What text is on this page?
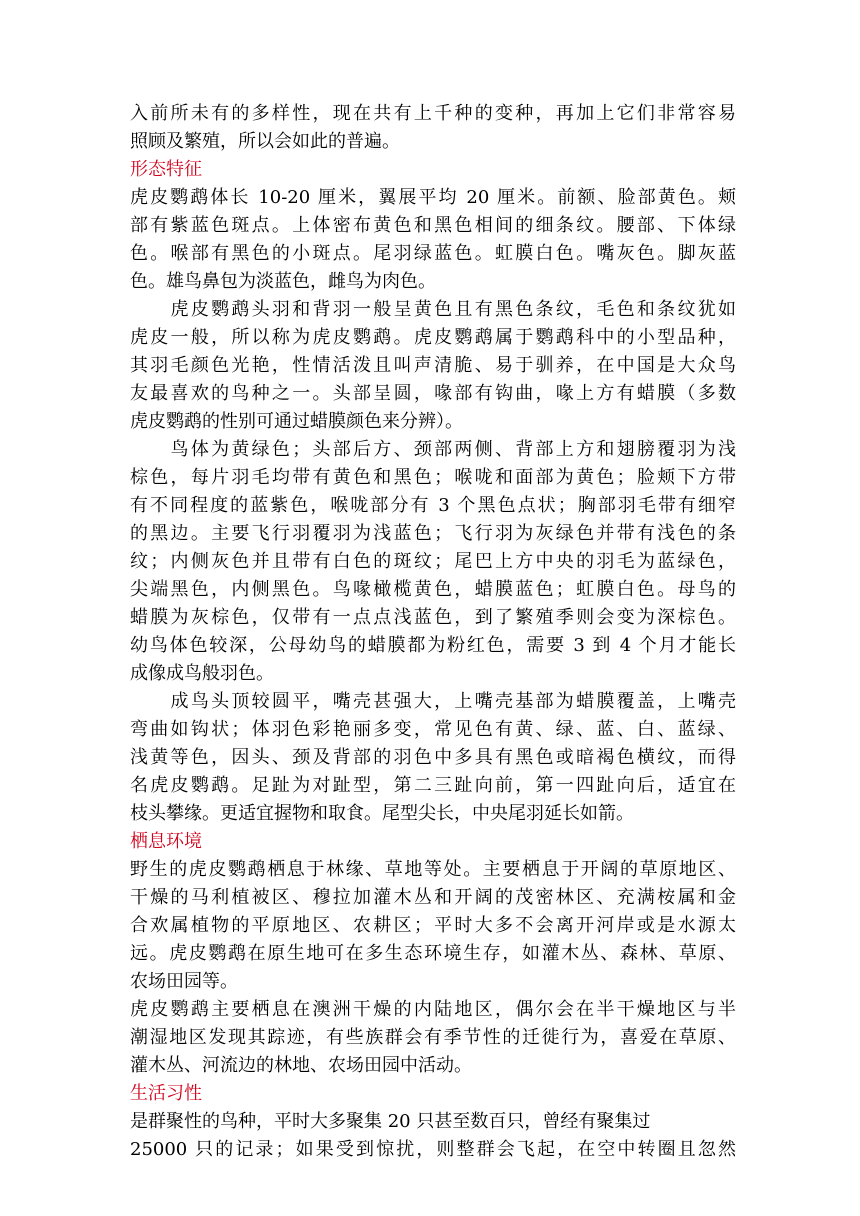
入前所未有的多样性，现在共有上千种的变种，再加上它们非常容易
照顾及繁殖，所以会如此的普遍。
形态特征
虎皮鹦鹉体长 10-20 厘米，翼展平均 20 厘米。前额、脸部黄色。颊
部有紫蓝色斑点。上体密布黄色和黑色相间的细条纹。腰部、下体绿
色。喉部有黑色的小斑点。尾羽绿蓝色。虹膜白色。嘴灰色。脚灰蓝
色。雄鸟鼻包为淡蓝色，雌鸟为肉色。
　　虎皮鹦鹉头羽和背羽一般呈黄色且有黑色条纹，毛色和条纹犹如
虎皮一般，所以称为虎皮鹦鹉。虎皮鹦鹉属于鹦鹉科中的小型品种，
其羽毛颜色光艳，性情活泼且叫声清脆、易于驯养，在中国是大众鸟
友最喜欢的鸟种之一。头部呈圆，喙部有钩曲，喙上方有蜡膜（多数
虎皮鹦鹉的性别可通过蜡膜颜色来分辨）。
　　鸟体为黄绿色；头部后方、颈部两侧、背部上方和翅膀覆羽为浅
棕色，每片羽毛均带有黄色和黑色；喉咙和面部为黄色；脸颊下方带
有不同程度的蓝紫色，喉咙部分有 3 个黑色点状；胸部羽毛带有细窄
的黑边。主要飞行羽覆羽为浅蓝色；飞行羽为灰绿色并带有浅色的条
纹；内侧灰色并且带有白色的斑纹；尾巴上方中央的羽毛为蓝绿色，
尖端黑色，内侧黑色。鸟喙橄榄黄色，蜡膜蓝色；虹膜白色。母鸟的
蜡膜为灰棕色，仅带有一点点浅蓝色，到了繁殖季则会变为深棕色。
幼鸟体色较深，公母幼鸟的蜡膜都为粉红色，需要 3 到 4 个月才能长
成像成鸟般羽色。
　　成鸟头顶较圆平，嘴壳甚强大，上嘴壳基部为蜡膜覆盖，上嘴壳
弯曲如钩状；体羽色彩艳丽多变，常见色有黄、绿、蓝、白、蓝绿、
浅黄等色，因头、颈及背部的羽色中多具有黑色或暗褐色横纹，而得
名虎皮鹦鹉。足趾为对趾型，第二三趾向前，第一四趾向后，适宜在
枝头攀缘。更适宜握物和取食。尾型尖长，中央尾羽延长如箭。
栖息环境
野生的虎皮鹦鹉栖息于林缘、草地等处。主要栖息于开阔的草原地区、
干燥的马利植被区、穆拉加灌木丛和开阔的茂密林区、充满桉属和金
合欢属植物的平原地区、农耕区；平时大多不会离开河岸或是水源太
远。虎皮鹦鹉在原生地可在多生态环境生存，如灌木丛、森林、草原、
农场田园等。
虎皮鹦鹉主要栖息在澳洲干燥的内陆地区，偶尔会在半干燥地区与半
潮湿地区发现其踪迹，有些族群会有季节性的迁徙行为，喜爱在草原、
灌木丛、河流边的林地、农场田园中活动。
生活习性
是群聚性的鸟种，平时大多聚集 20 只甚至数百只，曾经有聚集过
25000 只的记录；如果受到惊扰，则整群会飞起，在空中转圈且忽然
